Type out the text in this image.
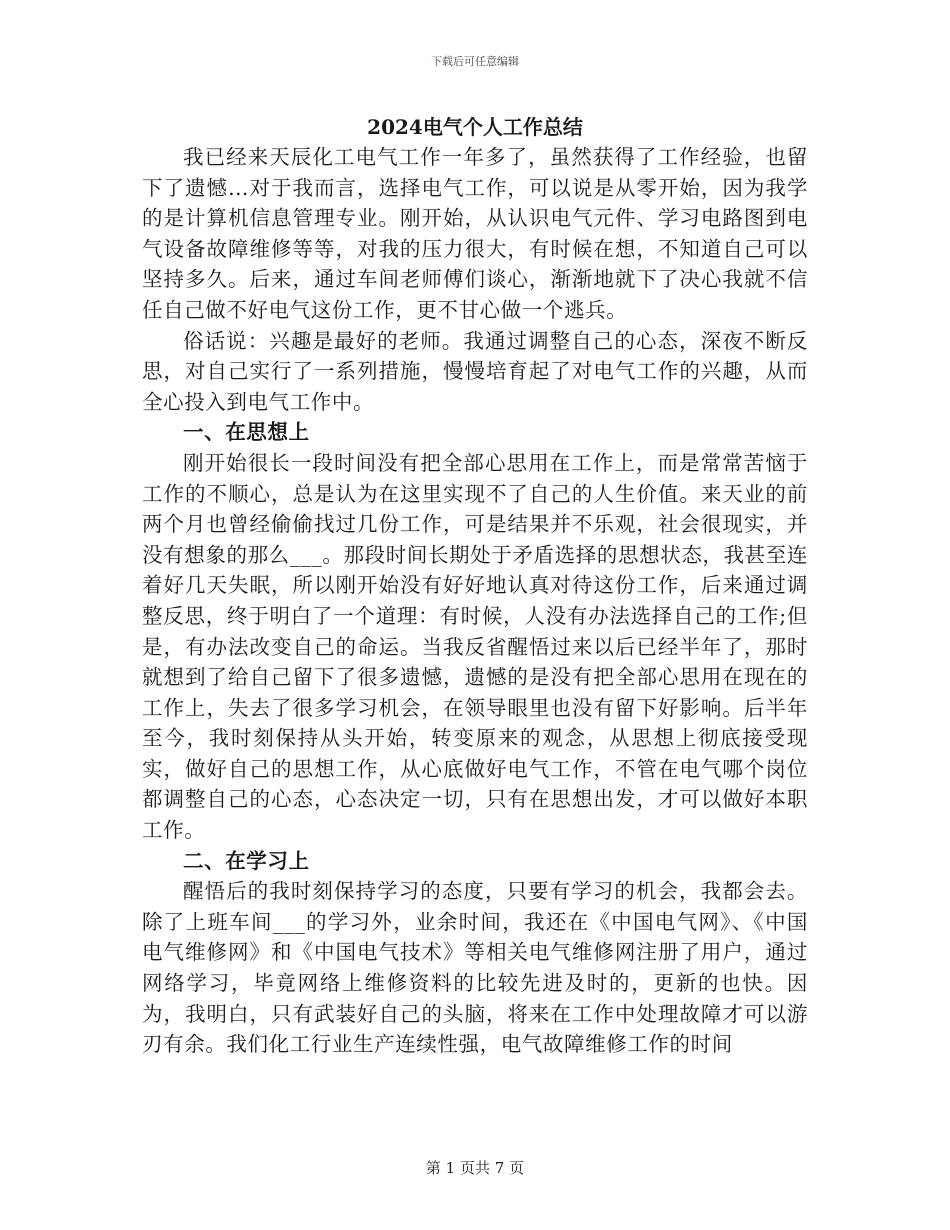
下载后可任意编辑
2024电气个人工作总结

我已经来天辰化工电气工作一年多了，虽然获得了工作经验，也留下了遗憾…对于我而言，选择电气工作，可以说是从零开始，因为我学的是计算机信息管理专业。刚开始，从认识电气元件、学习电路图到电气设备故障维修等等，对我的压力很大，有时候在想，不知道自己可以坚持多久。后来，通过车间老师傅们谈心，渐渐地就下了决心我就不信任自己做不好电气这份工作，更不甘心做一个逃兵。

俗话说：兴趣是最好的老师。我通过调整自己的心态，深夜不断反思，对自己实行了一系列措施，慢慢培育起了对电气工作的兴趣，从而全心投入到电气工作中。

一、在思想上

刚开始很长一段时间没有把全部心思用在工作上，而是常常苦恼于工作的不顺心，总是认为在这里实现不了自己的人生价值。来天业的前两个月也曾经偷偷找过几份工作，可是结果并不乐观，社会很现实，并没有想象的那么___。那段时间长期处于矛盾选择的思想状态，我甚至连着好几天失眠，所以刚开始没有好好地认真对待这份工作，后来通过调整反思，终于明白了一个道理：有时候，人没有办法选择自己的工作;但是，有办法改变自己的命运。当我反省醒悟过来以后已经半年了，那时就想到了给自己留下了很多遗憾，遗憾的是没有把全部心思用在现在的工作上，失去了很多学习机会，在领导眼里也没有留下好影响。后半年至今，我时刻保持从头开始，转变原来的观念，从思想上彻底接受现实，做好自己的思想工作，从心底做好电气工作，不管在电气哪个岗位都调整自己的心态，心态决定一切，只有在思想出发，才可以做好本职工作。

二、在学习上

醒悟后的我时刻保持学习的态度，只要有学习的机会，我都会去。除了上班车间___的学习外，业余时间，我还在《中国电气网》、《中国电气维修网》和《中国电气技术》等相关电气维修网注册了用户，通过网络学习，毕竟网络上维修资料的比较先进及时的，更新的也快。因为，我明白，只有武装好自己的头脑，将来在工作中处理故障才可以游刃有余。我们化工行业生产连续性强，电气故障维修工作的时间

第 1 页共 7 页
